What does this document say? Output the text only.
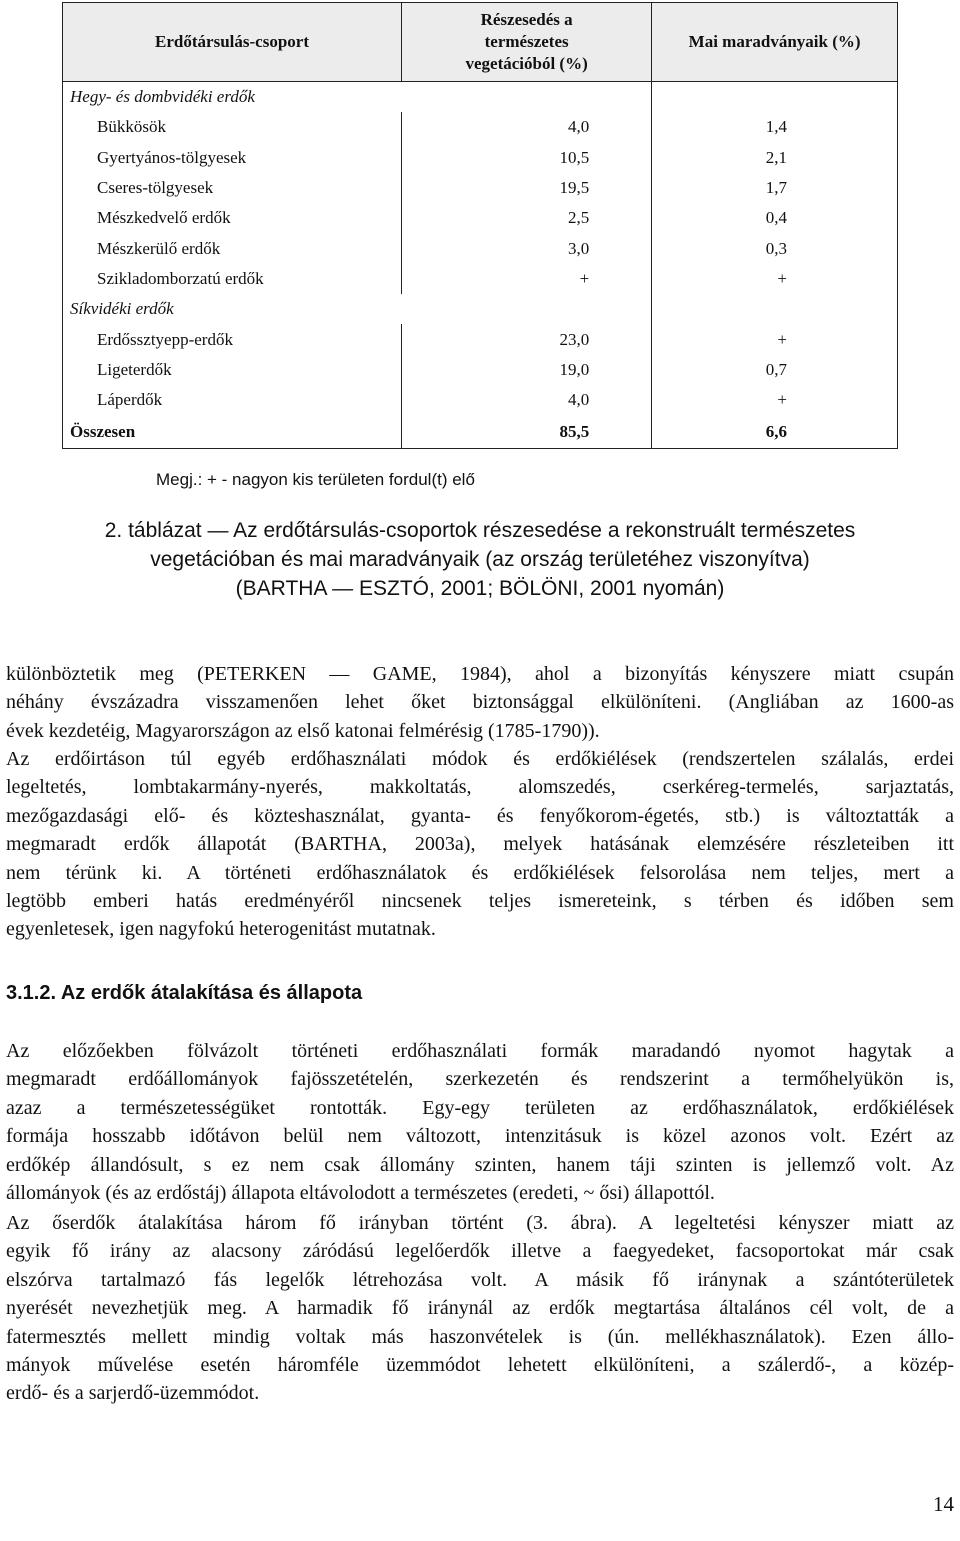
Erdőtársulás-csoport	Részesedés a természetes vegetációból (%)	Mai maradványaik (%)
Hegy- és dombvidéki erdők		
Bükkösök	4,0	1,4
Gyertyános-tölgyesek	10,5	2,1
Cseres-tölgyesek	19,5	1,7
Mészkedvelő erdők	2,5	0,4
Mészkerülő erdők	3,0	0,3
Szikladomborzatú erdők	+	+
Síkvidéki erdők		
Erdőssztyepp-erdők	23,0	+
Ligeterdők	19,0	0,7
Láperdők	4,0	+
Összesen	85,5	6,6
Megj.: + - nagyon kis területen fordul(t) elő
2. táblázat — Az erdőtársulás-csoportok részesedése a rekonstruált természetes
vegetációban és mai maradványaik (az ország területéhez viszonyítva)
(BARTHA — ESZTÓ, 2001; BÖLÖNI, 2001 nyomán)
különböztetik meg (PETERKEN — GAME, 1984), ahol a bizonyítás kényszere miatt csupán
néhány évszázadra visszamenően lehet őket biztonsággal elkülöníteni. (Angliában az 1600-as
évek kezdetéig, Magyarországon az első katonai felmérésig (1785-1790)).
Az erdőirtáson túl egyéb erdőhasználati módok és erdőkiélések (rendszertelen szálalás, erdei
legeltetés, lombtakarmány-nyerés, makkoltatás, alomszedés, cserkéreg-termelés, sarjaztatás,
mezőgazdasági elő- és közteshasználat, gyanta- és fenyőkorom-égetés, stb.) is változtatták a
megmaradt erdők állapotát (BARTHA, 2003a), melyek hatásának elemzésére részleteiben itt
nem térünk ki. A történeti erdőhasználatok és erdőkiélések felsorolása nem teljes, mert a
legtöbb emberi hatás eredményéről nincsenek teljes ismereteink, s térben és időben sem
egyenletesek, igen nagyfokú heterogenitást mutatnak.
3.1.2. Az erdők átalakítása és állapota
Az előzőekben fölvázolt történeti erdőhasználati formák maradandó nyomot hagytak a
megmaradt erdőállományok fajösszetételén, szerkezetén és rendszerint a termőhelyükön is,
azaz a természetességüket rontották. Egy-egy területen az erdőhasználatok, erdőkiélések
formája hosszabb időtávon belül nem változott, intenzitásuk is közel azonos volt. Ezért az
erdőkép állandósult, s ez nem csak állomány szinten, hanem táji szinten is jellemző volt. Az
állományok (és az erdőstáj) állapota eltávolodott a természetes (eredeti, ~ ősi) állapottól.
Az őserdők átalakítása három fő irányban történt (3. ábra). A legeltetési kényszer miatt az
egyik fő irány az alacsony záródású legelőerdők illetve a faegyedeket, facsoportokat már csak
elszórva tartalmazó fás legelők létrehozása volt. A másik fő iránynak a szántóterületek
nyerését nevezhetjük meg. A harmadik fő iránynál az erdők megtartása általános cél volt, de a
fatermesztés mellett mindig voltak más haszonvételek is (ún. mellékhasználatok). Ezen állo-
mányok művelése esetén háromféle üzemmódot lehetett elkülöníteni, a szálerdő-, a közép-
erdő- és a sarjerdő-üzemmódot.
14
